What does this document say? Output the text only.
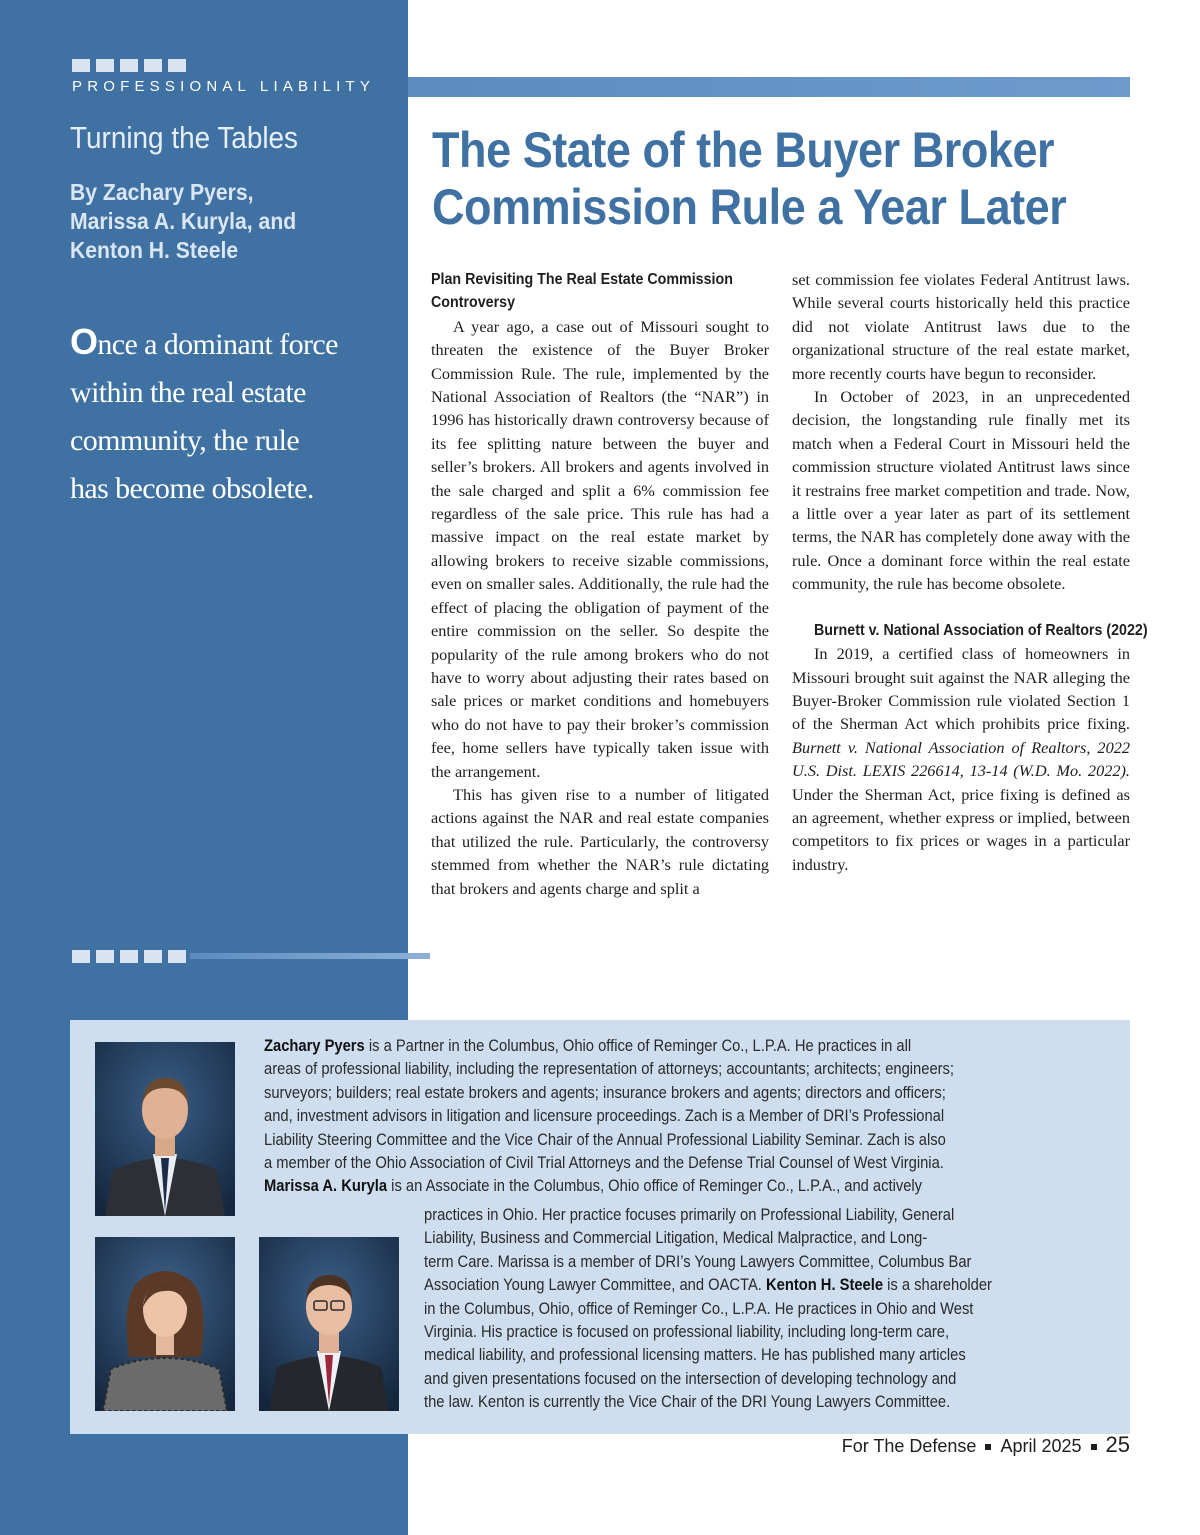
PROFESSIONAL LIABILITY
Turning the Tables
By Zachary Pyers,
Marissa A. Kuryla, and
Kenton H. Steele
Once a dominant force
within the real estate
community, the rule
has become obsolete.
The State of the Buyer Broker
Commission Rule a Year Later
Plan Revisiting The Real Estate Commission Controversy

A year ago, a case out of Missouri sought to threaten the existence of the Buyer Broker Commission Rule. The rule, implemented by the National Association of Realtors (the “NAR”) in 1996 has historically drawn controversy because of its fee splitting nature between the buyer and seller’s brokers. All brokers and agents involved in the sale charged and split a 6% commission fee regardless of the sale price. This rule has had a massive impact on the real estate market by allowing brokers to receive sizable commissions, even on smaller sales. Additionally, the rule had the effect of placing the obligation of payment of the entire commission on the seller. So despite the popularity of the rule among brokers who do not have to worry about adjusting their rates based on sale prices or market conditions and homebuyers who do not have to pay their broker’s commission fee, home sellers have typically taken issue with the arrangement.

This has given rise to a number of litigated actions against the NAR and real estate companies that utilized the rule. Particularly, the controversy stemmed from whether the NAR’s rule dictating that brokers and agents charge and split a

set commission fee violates Federal Antitrust laws. While several courts historically held this practice did not violate Antitrust laws due to the organizational structure of the real estate market, more recently courts have begun to reconsider.

In October of 2023, in an unprecedented decision, the longstanding rule finally met its match when a Federal Court in Missouri held the commission structure violated Antitrust laws since it restrains free market competition and trade. Now, a little over a year later as part of its settlement terms, the NAR has completely done away with the rule. Once a dominant force within the real estate community, the rule has become obsolete.

Burnett v. National Association of Realtors (2022)

In 2019, a certified class of homeowners in Missouri brought suit against the NAR alleging the Buyer-Broker Commission rule violated Section 1 of the Sherman Act which prohibits price fixing. Burnett v. National Association of Realtors, 2022 U.S. Dist. LEXIS 226614, 13-14 (W.D. Mo. 2022). Under the Sherman Act, price fixing is defined as an agreement, whether express or implied, between competitors to fix prices or wages in a particular industry.

Zachary Pyers is a Partner in the Columbus, Ohio office of Reminger Co., L.P.A. He practices in all
areas of professional liability, including the representation of attorneys; accountants; architects; engineers;
surveyors; builders; real estate brokers and agents; insurance brokers and agents; directors and officers;
and, investment advisors in litigation and licensure proceedings. Zach is a Member of DRI’s Professional
Liability Steering Committee and the Vice Chair of the Annual Professional Liability Seminar. Zach is also
a member of the Ohio Association of Civil Trial Attorneys and the Defense Trial Counsel of West Virginia.
Marissa A. Kuryla is an Associate in the Columbus, Ohio office of Reminger Co., L.P.A., and actively
practices in Ohio. Her practice focuses primarily on Professional Liability, General
Liability, Business and Commercial Litigation, Medical Malpractice, and Long-
term Care. Marissa is a member of DRI’s Young Lawyers Committee, Columbus Bar
Association Young Lawyer Committee, and OACTA. Kenton H. Steele is a shareholder
in the Columbus, Ohio, office of Reminger Co., L.P.A. He practices in Ohio and West
Virginia. His practice is focused on professional liability, including long-term care,
medical liability, and professional licensing matters. He has published many articles
and given presentations focused on the intersection of developing technology and
the law. Kenton is currently the Vice Chair of the DRI Young Lawyers Committee.
For The Defense April 2025 25
